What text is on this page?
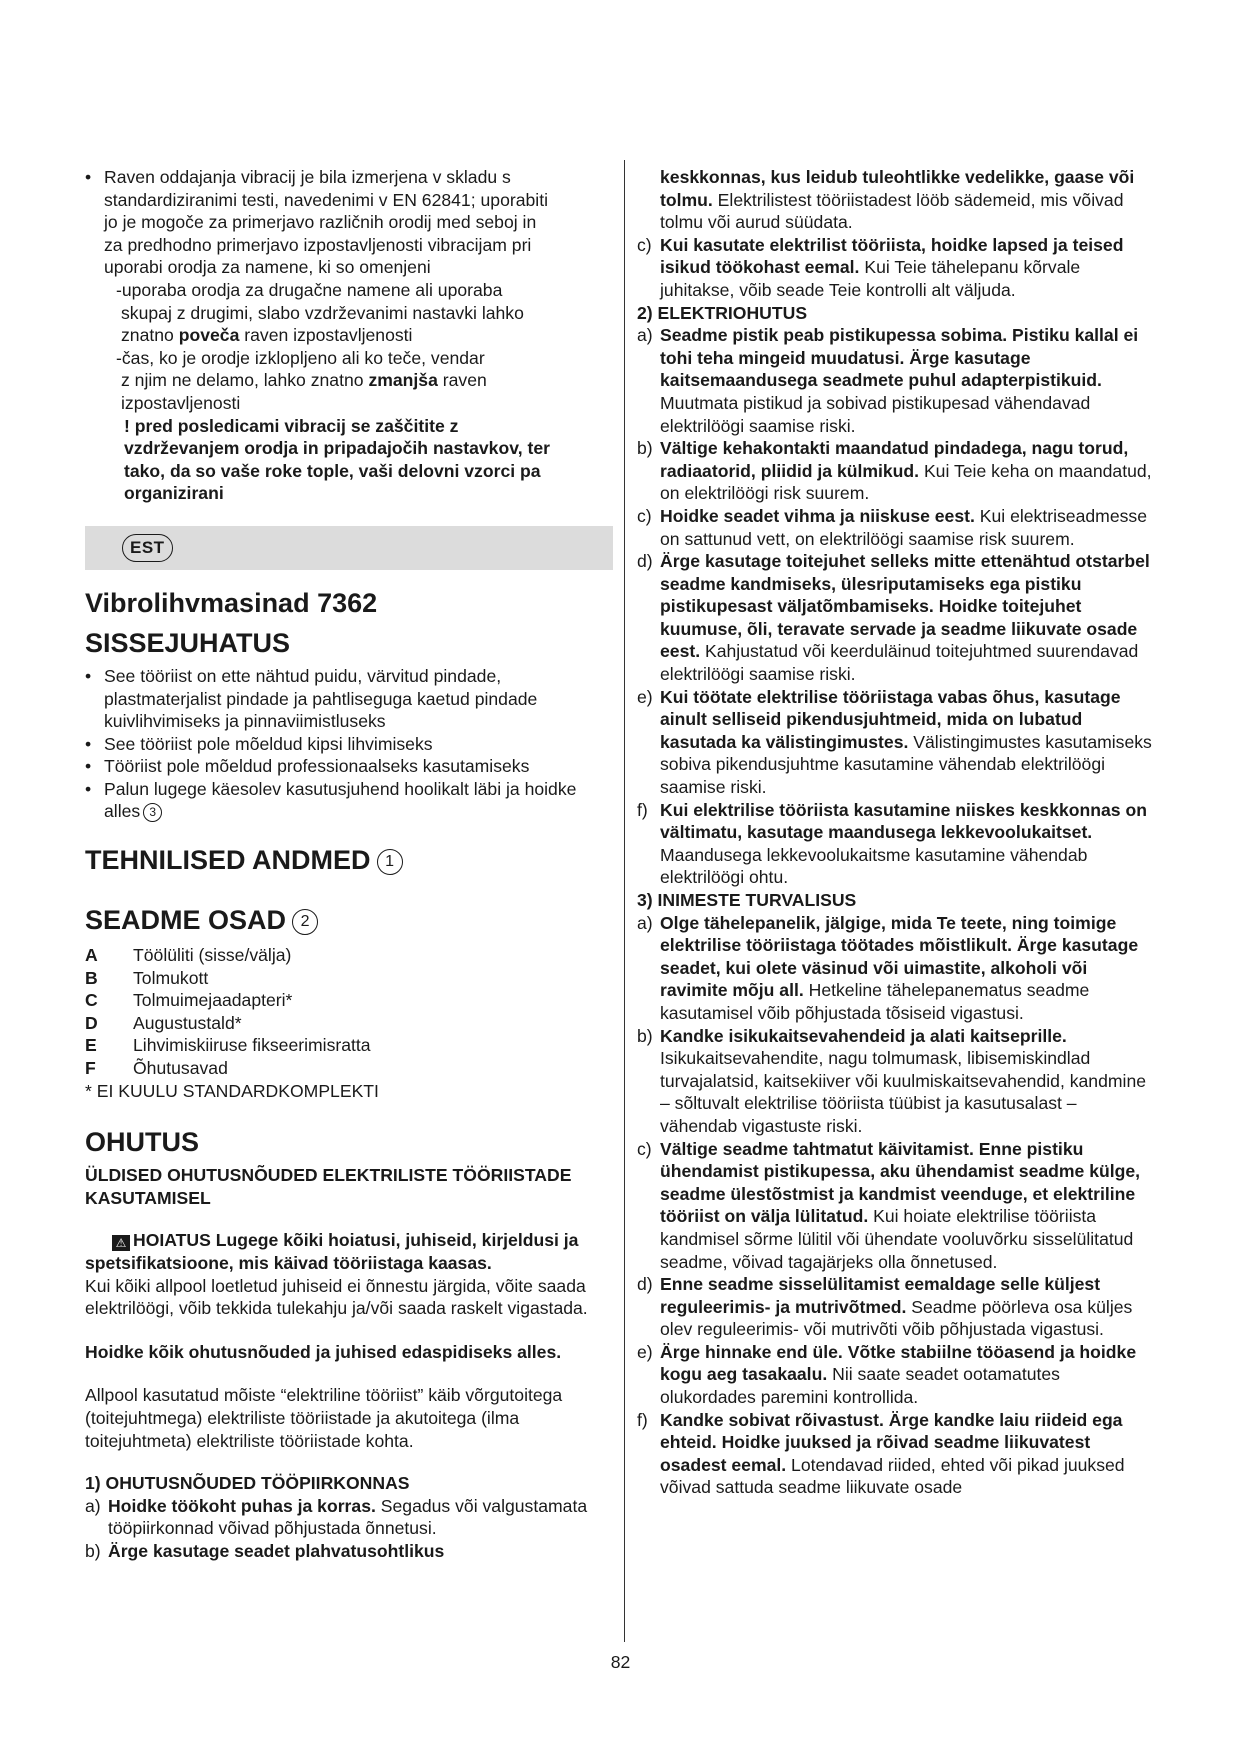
• Raven oddajanja vibracij je bila izmerjena v skladu s

standardiziranimi testi, navedenimi v EN 62841; uporabiti

jo je mogoče za primerjavo različnih orodij med seboj in

za predhodno primerjavo izpostavljenosti vibracijam pri

uporabi orodja za namene, ki so omenjeni

-uporaba orodja za drugačne namene ali uporaba

skupaj z drugimi, slabo vzdrževanimi nastavki lahko

znatno poveča raven izpostavljenosti

-čas, ko je orodje izklopljeno ali ko teče, vendar

z njim ne delamo, lahko znatno zmanjša raven

izpostavljenosti

! pred posledicami vibracij se zaščitite z

vzdrževanjem orodja in pripadajočih nastavkov, ter

tako, da so vaše roke tople, vaši delovni vzorci pa

organizirani

EST
Vibrolihvmasinad 7362
SISSEJUHATUS
• See tööriist on ette nähtud puidu, värvitud pindade, plastmaterjalist pindade ja pahtliseguga kaetud pindade kuivlihvimiseks ja pinnaviimistluseks
• See tööriist pole mõeldud kipsi lihvimiseks
• Tööriist pole mõeldud professionaalseks kasutamiseks
• Palun lugege käesolev kasutusjuhend hoolikalt läbi ja hoidke alles 3
TEHNILISED ANDMED 1
SEADME OSAD 2
A	Töölüliti (sisse/välja)
B	Tolmukott
C	Tolmuimejaadapteri*
D	Augustustald*
E	Lihvimiskiiruse fikseerimisratta
F	Õhutusavad

* EI KUULU STANDARDKOMPLEKTI

OHUTUS

ÜLDISED OHUTUSNÕUDED ELEKTRILISTE TÖÖRIISTADE KASUTAMISEL

⚠ HOIATUS Lugege kõiki hoiatusi, juhiseid, kirjeldusi ja spetsifikatsioone, mis käivad tööriistaga kaasas.

Kui kõiki allpool loetletud juhiseid ei õnnestu järgida, võite saada elektrilöögi, võib tekkida tulekahju ja/või saada raskelt vigastada.

Hoidke kõik ohutusnõuded ja juhised edaspidiseks alles.

Allpool kasutatud mõiste “elektriline tööriist” käib võrgutoitega (toitejuhtmega) elektriliste tööriistade ja akutoitega (ilma toitejuhtmeta) elektriliste tööriistade kohta.

1) OHUTUSNÕUDED TÖÖPIIRKONNAS

a) Hoidke töökoht puhas ja korras. Segadus või valgustamata tööpiirkonnad võivad põhjustada õnnetusi.
b) Ärge kasutage seadet plahvatusohtlikus

keskkonnas, kus leidub tuleohtlikke vedelikke, gaase või tolmu. Elektrilistest tööriistadest lööb sädemeid, mis võivad tolmu või aurud süüdata.

c) Kui kasutate elektrilist tööriista, hoidke lapsed ja teised isikud töökohast eemal. Kui Teie tähelepanu kõrvale juhitakse, võib seade Teie kontrolli alt väljuda.

2) ELEKTRIOHUTUS

a) Seadme pistik peab pistikupessa sobima. Pistiku kallal ei tohi teha mingeid muudatusi. Ärge kasutage kaitsemaandusega seadmete puhul adapterpistikuid. Muutmata pistikud ja sobivad pistikupesad vähendavad elektrilöögi saamise riski.
b) Vältige kehakontakti maandatud pindadega, nagu torud, radiaatorid, pliidid ja külmikud. Kui Teie keha on maandatud, on elektrilöögi risk suurem.
c) Hoidke seadet vihma ja niiskuse eest. Kui elektriseadmesse on sattunud vett, on elektrilöögi saamise risk suurem.
d) Ärge kasutage toitejuhet selleks mitte ettenähtud otstarbel seadme kandmiseks, ülesriputamiseks ega pistiku pistikupesast väljatõmbamiseks. Hoidke toitejuhet kuumuse, õli, teravate servade ja seadme liikuvate osade eest. Kahjustatud või keerduläinud toitejuhtmed suurendavad elektrilöögi saamise riski.
e) Kui töötate elektrilise tööriistaga vabas õhus, kasutage ainult selliseid pikendusjuhtmeid, mida on lubatud kasutada ka välistingimustes. Välistingimustes kasutamiseks sobiva pikendusjuhtme kasutamine vähendab elektrilöögi saamise riski.
f) Kui elektrilise tööriista kasutamine niiskes keskkonnas on vältimatu, kasutage maandusega lekkevoolukaitset. Maandusega lekkevoolukaitsme kasutamine vähendab elektrilöögi ohtu.

3) INIMESTE TURVALISUS

a) Olge tähelepanelik, jälgige, mida Te teete, ning toimige elektrilise tööriistaga töötades mõistlikult. Ärge kasutage seadet, kui olete väsinud või uimastite, alkoholi või ravimite mõju all. Hetkeline tähelepanematus seadme kasutamisel võib põhjustada tõsiseid vigastusi.
b) Kandke isikukaitsevahendeid ja alati kaitseprille. Isikukaitsevahendite, nagu tolmumask, libisemiskindlad turvajalatsid, kaitsekiiver või kuulmiskaitsevahendid, kandmine – sõltuvalt elektrilise tööriista tüübist ja kasutusalast – vähendab vigastuste riski.
c) Vältige seadme tahtmatut käivitamist. Enne pistiku ühendamist pistikupessa, aku ühendamist seadme külge, seadme ülestõstmist ja kandmist veenduge, et elektriline tööriist on välja lülitatud. Kui hoiate elektrilise tööriista kandmisel sõrme lülitil või ühendate vooluvõrku sisselülitatud seadme, võivad tagajärjeks olla õnnetused.
d) Enne seadme sisselülitamist eemaldage selle küljest reguleerimis- ja mutrivõtmed. Seadme pöörleva osa küljes olev reguleerimis- või mutrivõti võib põhjustada vigastusi.
e) Ärge hinnake end üle. Võtke stabiilne tööasend ja hoidke kogu aeg tasakaalu. Nii saate seadet ootamatutes olukordades paremini kontrollida.
f) Kandke sobivat rõivastust. Ärge kandke laiu riideid ega ehteid. Hoidke juuksed ja rõivad seadme liikuvatest osadest eemal. Lotendavad riided, ehted või pikad juuksed võivad sattuda seadme liikuvate osade
82
